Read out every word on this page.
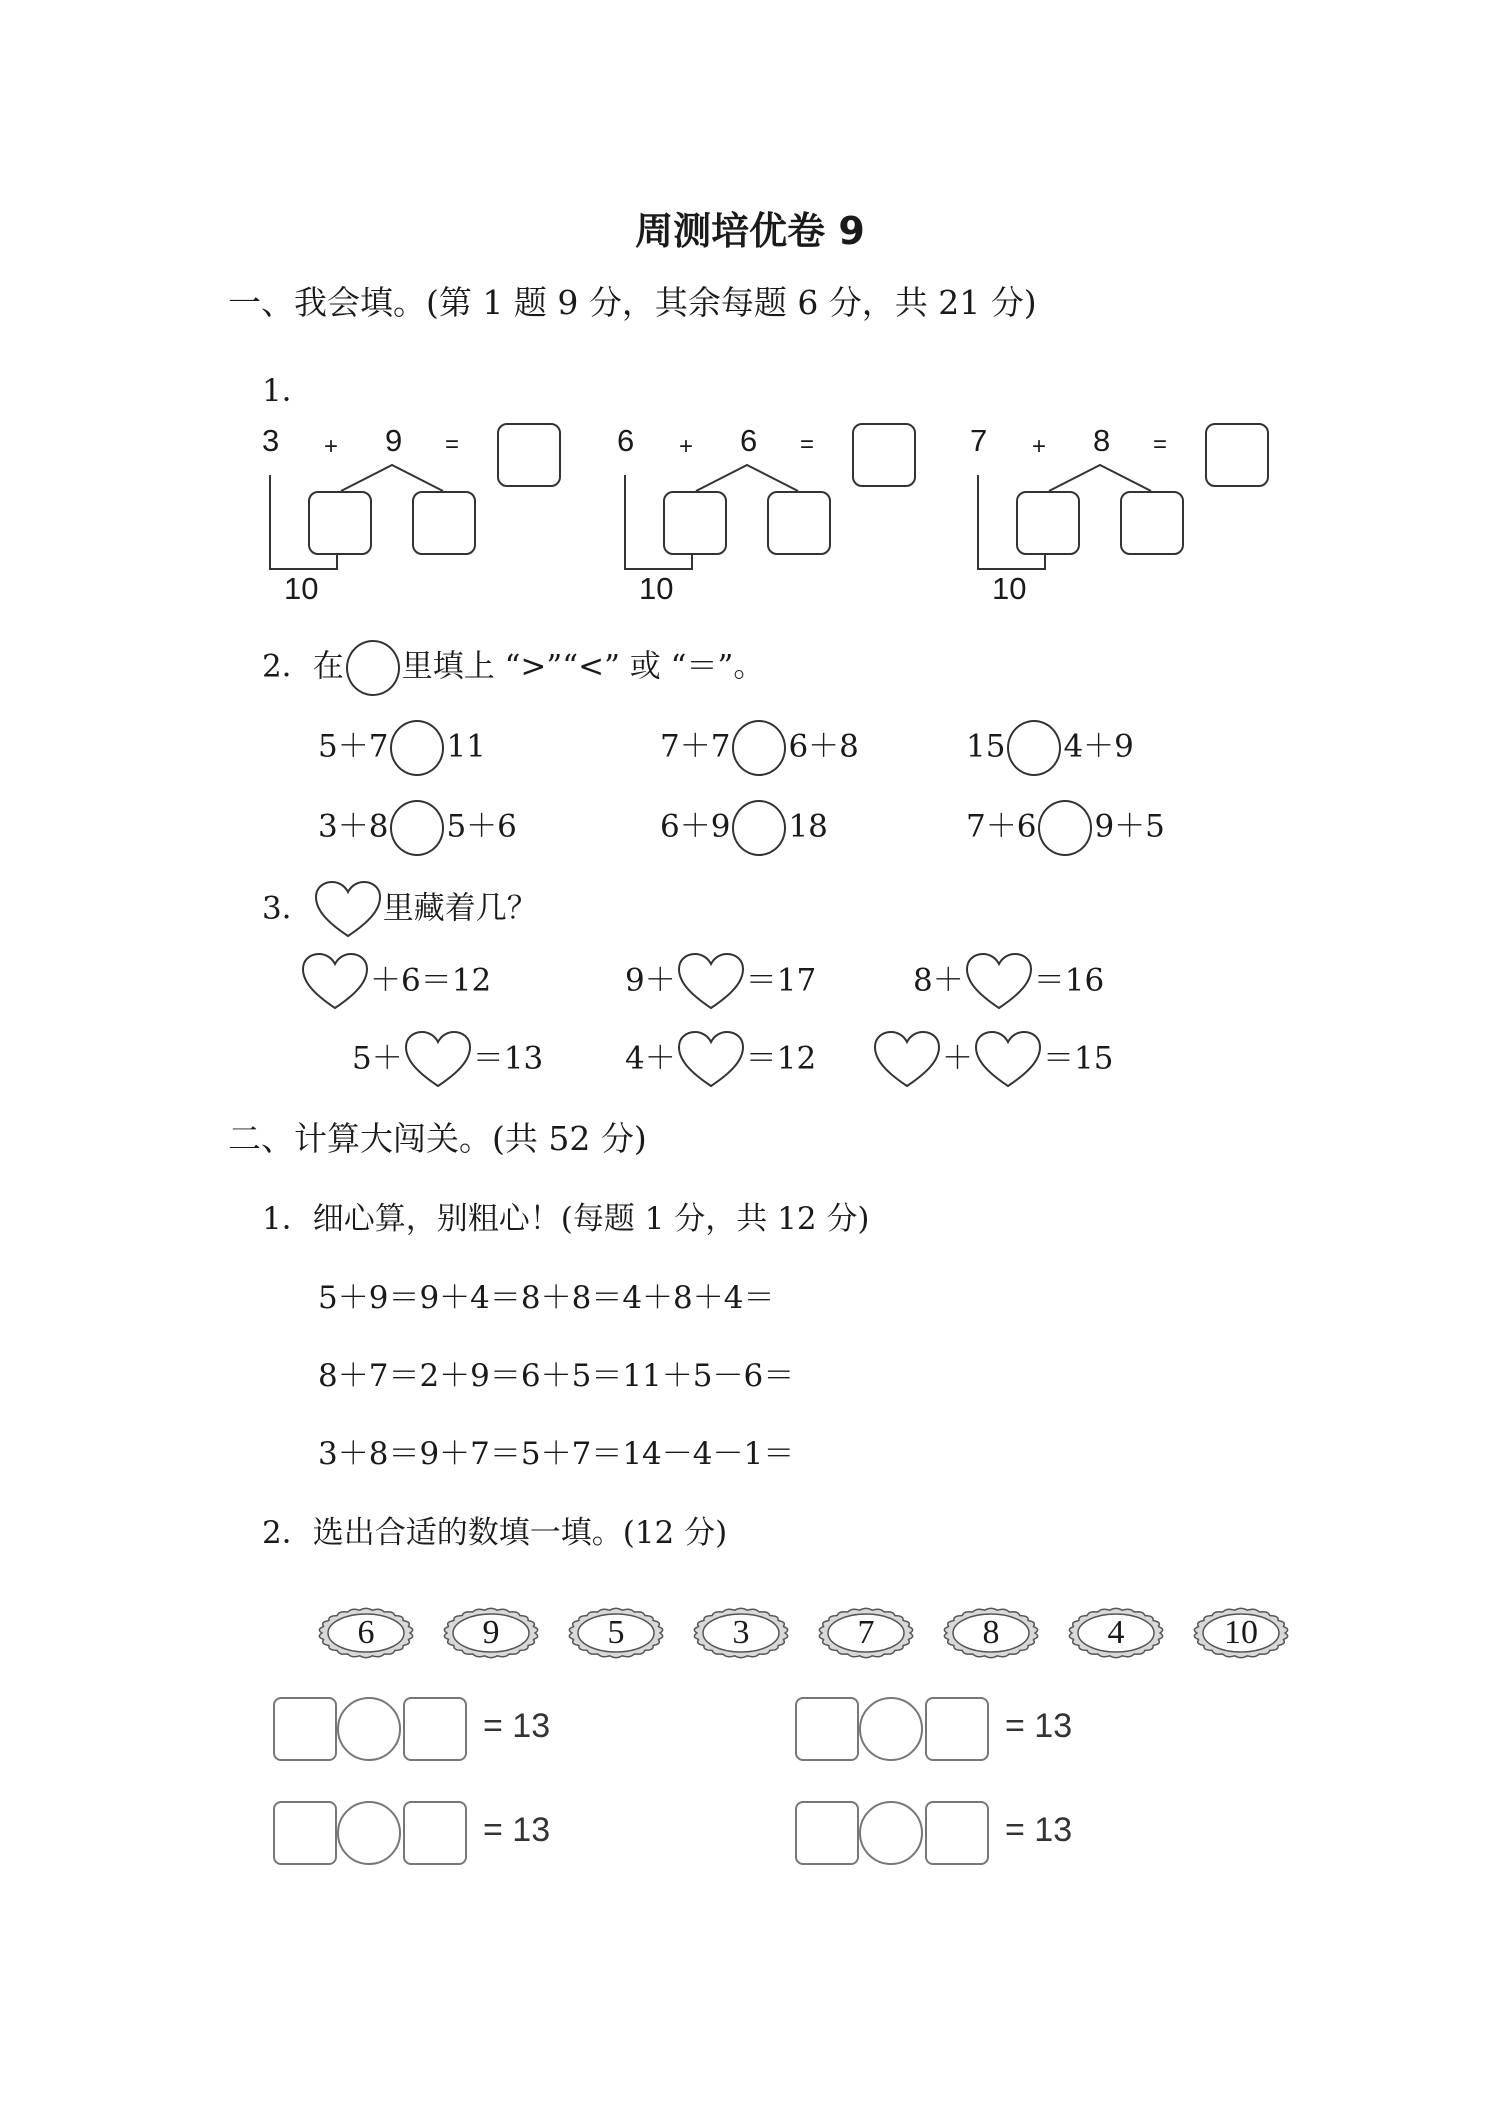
周测培优卷 9
一、我会填。(第 1 题 9 分，其余每题 6 分，共 21 分)
1．
3 + 9 =
10
6 + 6 =
10
7 + 8 =
10
2．在 里填上 “>”“<” 或 “＝”。
5＋7 11	7＋7 6＋8	15 4＋9
3＋8 5＋6	6＋9 18	7＋6 9＋5
3． 里藏着几？
＋6＝12	9＋ ＝17	8＋ ＝16
5＋ ＝13	4＋ ＝12	＋ ＝15
二、计算大闯关。(共 52 分)
1．细心算，别粗心！(每题 1 分，共 12 分)
5＋9＝9＋4＝8＋8＝4＋8＋4＝
8＋7＝2＋9＝6＋5＝11＋5－6＝
3＋8＝9＋7＝5＋7＝14－4－1＝
2．选出合适的数填一填。(12 分)
6	9	5	3	7	8	4	10
= 13	= 13
= 13	= 13
